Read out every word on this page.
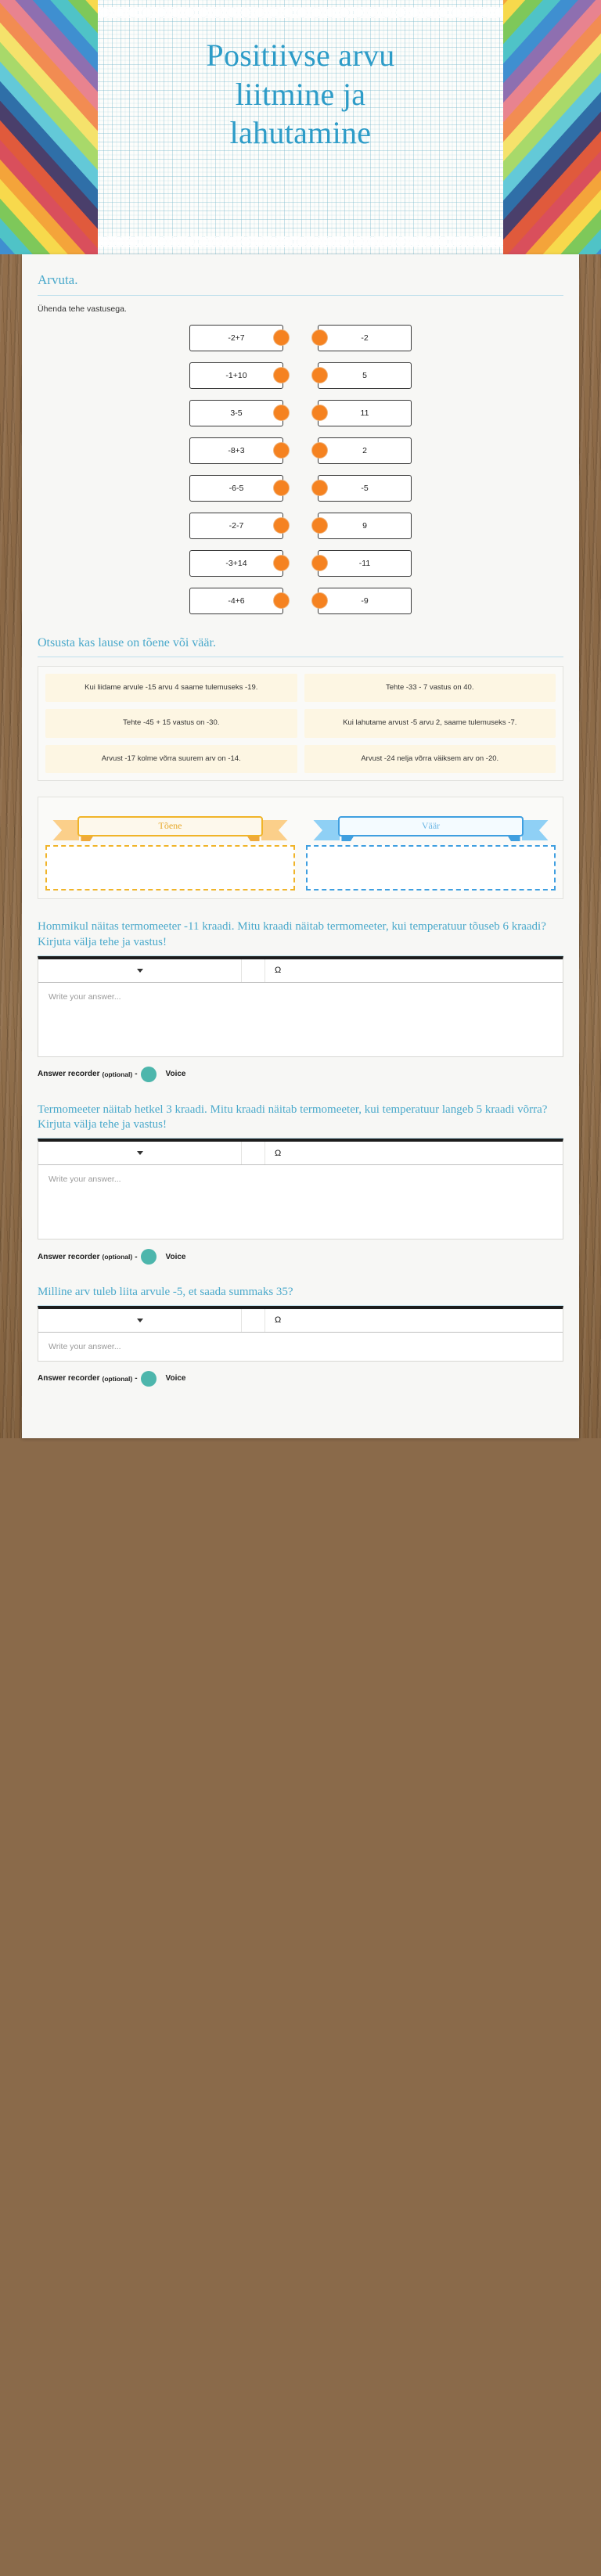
Positiivse arvu
liitmine ja
lahutamine
Arvuta.
Ühenda tehe vastusega.
-2+7	-2
-1+10	5
3-5	11
-8+3	2
-6-5	-5
-2-7	9
-3+14	-11
-4+6	-9
Otsusta kas lause on tõene või väär.
Kui liidame arvule -15 arvu 4 saame tulemuseks -19.	Tehte -33 - 7 vastus on 40.
Tehte -45 + 15 vastus on -30.	Kui lahutame arvust -5 arvu 2, saame tulemuseks -7.
Arvust -17 kolme võrra suurem arv on -14.	Arvust -24 nelja võrra väiksem arv on -20.
Tõene	Väär
Hommikul näitas termomeeter -11 kraadi. Mitu kraadi näitab termomeeter, kui temperatuur tõuseb 6 kraadi? Kirjuta välja tehe ja vastus!
Ω
Write your answer...
Answer recorder (optional) -	Voice
Termomeeter näitab hetkel 3 kraadi. Mitu kraadi näitab termomeeter, kui temperatuur langeb 5 kraadi võrra? Kirjuta välja tehe ja vastus!
Ω
Write your answer...
Answer recorder (optional) -	Voice
Milline arv tuleb liita arvule -5, et saada summaks 35?
Ω
Write your answer...
Answer recorder (optional) -	Voice
